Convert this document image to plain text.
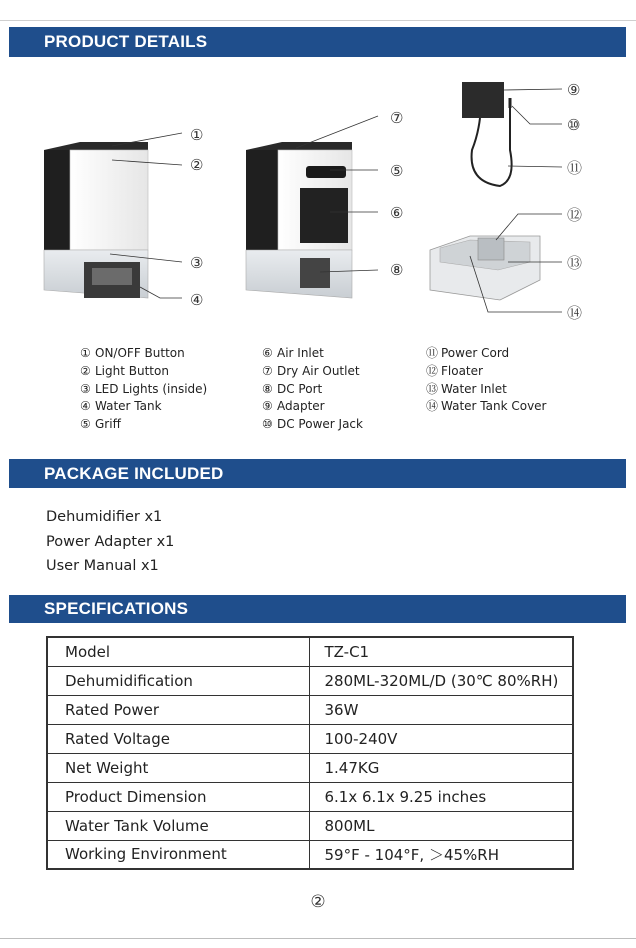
PRODUCT DETAILS
①
②
③
④
⑦
⑤
⑥
⑧
⑨
⑩
⑪
⑫
⑬
⑭
① ON/OFF Button
② Light Button
③ LED Lights (inside)
④ Water Tank
⑤ Griff
⑥ Air Inlet
⑦ Dry Air Outlet
⑧ DC Port
⑨ Adapter
⑩ DC Power Jack
⑪ Power Cord
⑫ Floater
⑬ Water Inlet
⑭ Water Tank Cover
PACKAGE INCLUDED
Dehumidifier x1
Power Adapter x1
User Manual x1
SPECIFICATIONS
Model	TZ-C1
Dehumidification	280ML-320ML/D (30℃ 80%RH)
Rated Power	36W
Rated Voltage	100-240V
Net Weight	1.47KG
Product Dimension	6.1x 6.1x 9.25 inches
Water Tank Volume	800ML
Working Environment	59°F - 104°F, ＞45%RH
②
